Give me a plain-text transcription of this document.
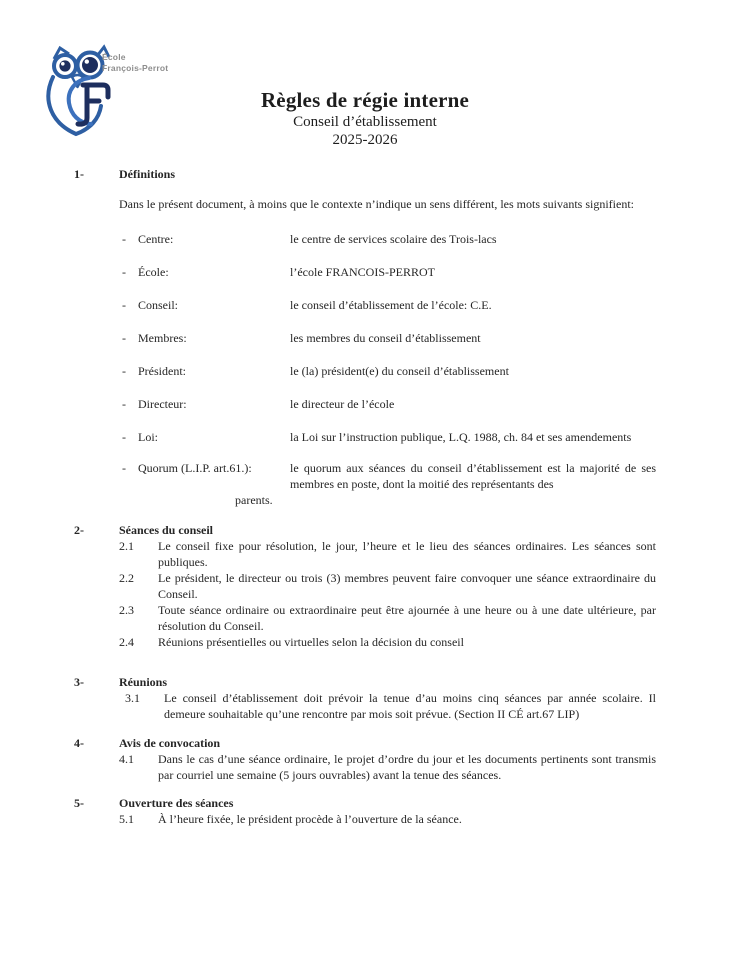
École
François-Perrot
Règles de régie interne
Conseil d’établissement
2025-2026
1-	Définitions

Dans le présent document, à moins que le contexte n’indique un sens différent, les mots suivants signifient:

-	Centre:	le centre de services scolaire des Trois-lacs
-	École:	l’école FRANCOIS-PERROT
-	Conseil:	le conseil d’établissement de l’école: C.E.
-	Membres:	les membres du conseil d’établissement
-	Président:	le (la) président(e) du conseil d’établissement
-	Directeur:	le directeur de l’école
-	Loi:	la Loi sur l’instruction publique, L.Q. 1988, ch. 84 et ses amendements
-	Quorum (L.I.P. art.61.):	le quorum aux séances du conseil d’établissement est la majorité de ses membres en poste, dont la moitié des représentants des
parents.
2-	Séances du conseil
2.1	Le conseil fixe pour résolution, le jour, l’heure et le lieu des séances ordinaires. Les séances sont publiques.
2.2	Le président, le directeur ou trois (3) membres peuvent faire convoquer une séance extraordinaire du Conseil.
2.3	Toute séance ordinaire ou extraordinaire peut être ajournée à une heure ou à une date ultérieure, par résolution du Conseil.
2.4	Réunions présentielles ou virtuelles selon la décision du conseil
3-	Réunions
3.1	Le conseil d’établissement doit prévoir la tenue d’au moins cinq séances par année scolaire. Il demeure souhaitable qu’une rencontre par mois soit prévue. (Section II CÉ art.67 LIP)
4-	Avis de convocation
4.1	Dans le cas d’une séance ordinaire, le projet d’ordre du jour et les documents pertinents sont transmis par courriel une semaine (5 jours ouvrables) avant la tenue des séances.
5-	Ouverture des séances
5.1	À l’heure fixée, le président procède à l’ouverture de la séance.
